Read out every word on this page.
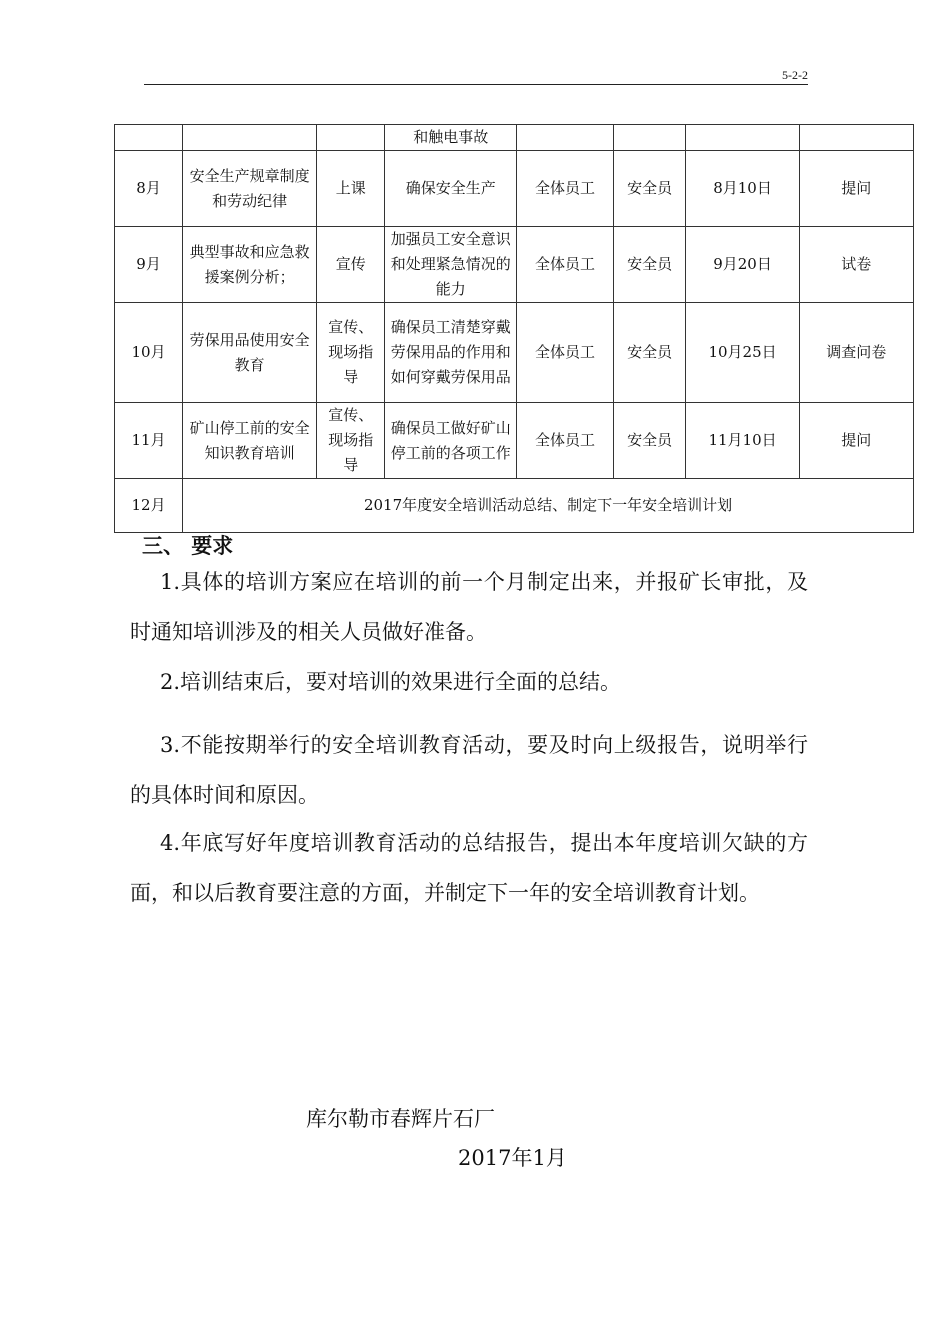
5-2-2
			和触电事故				
8月	安全生产规章制度和劳动纪律	上课	确保安全生产	全体员工	安全员	8月10日	提问
9月	典型事故和应急救援案例分析；	宣传	加强员工安全意识和处理紧急情况的能力	全体员工	安全员	9月20日	试卷
10月	劳保用品使用安全教育	宣传、现场指导	确保员工清楚穿戴劳保用品的作用和如何穿戴劳保用品	全体员工	安全员	10月25日	调查问卷
11月	矿山停工前的安全知识教育培训	宣传、现场指导	确保员工做好矿山停工前的各项工作	全体员工	安全员	11月10日	提问
12月	2017年度安全培训活动总结、制定下一年安全培训计划						
三、 要求

1.具体的培训方案应在培训的前一个月制定出来，并报矿长审批，及时通知培训涉及的相关人员做好准备。

2.培训结束后，要对培训的效果进行全面的总结。

3.不能按期举行的安全培训教育活动，要及时向上级报告，说明举行的具体时间和原因。

4.年底写好年度培训教育活动的总结报告，提出本年度培训欠缺的方面，和以后教育要注意的方面，并制定下一年的安全培训教育计划。

库尔勒市春辉片石厂
2017年1月
